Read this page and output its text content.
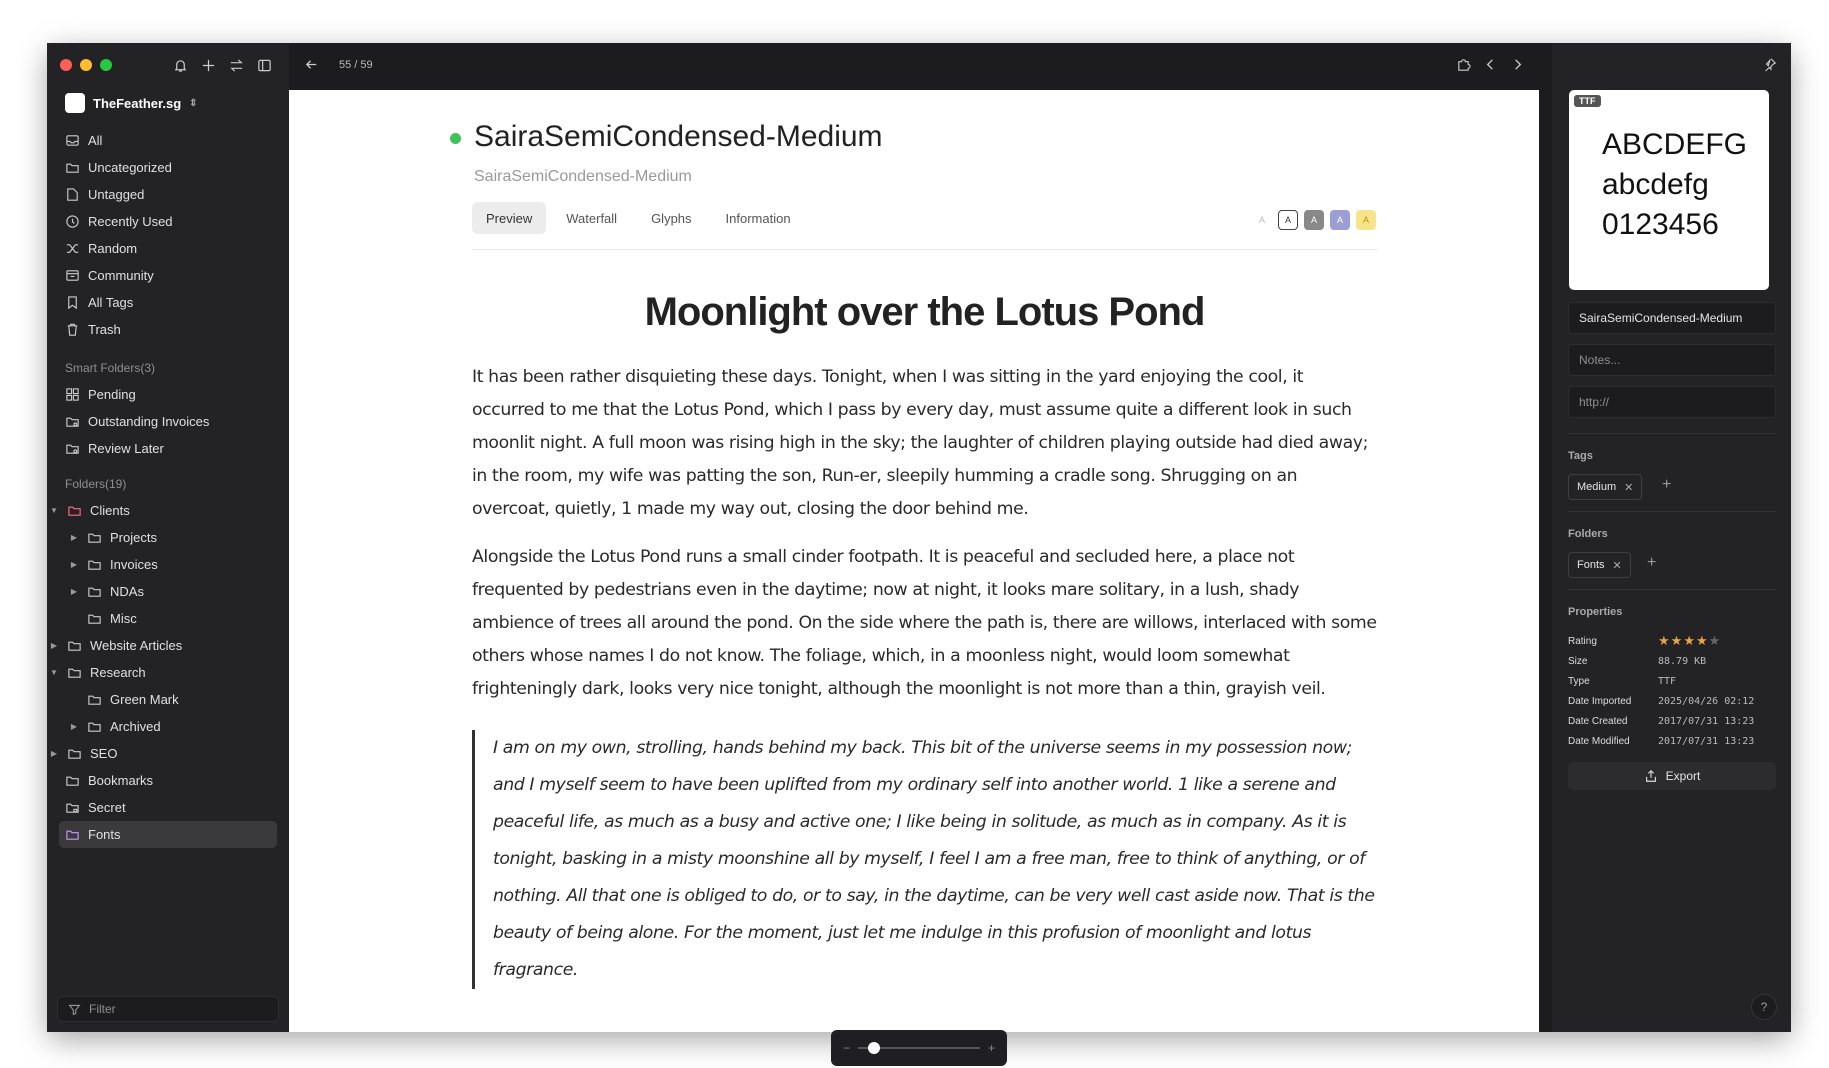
TheFeather.sg ⇕
All
Uncategorized
Untagged
Recently Used
Random
Community
All Tags
Trash
Smart Folders(3)
Pending
Outstanding Invoices
Review Later
Folders(19)
▼ Clients
▶	Projects
▶	Invoices
▶	NDAs
Misc
▶	Website Articles
▼ Research
Green Mark
▶	Archived
▶	SEO
Bookmarks
Secret
Fonts
Filter
55 / 59
SairaSemiCondensed-Medium
SairaSemiCondensed-Medium
Preview	Waterfall	Glyphs	Information	A	A	A	A	A
Moonlight over the Lotus Pond

It has been rather disquieting these days. Tonight, when I was sitting in the yard enjoying the cool, it occurred to me that the Lotus Pond, which I pass by every day, must assume quite a different look in such moonlit night. A full moon was rising high in the sky; the laughter of children playing outside had died away; in the room, my wife was patting the son, Run-er, sleepily humming a cradle song. Shrugging on an overcoat, quietly, 1 made my way out, closing the door behind me.

Alongside the Lotus Pond runs a small cinder footpath. It is peaceful and secluded here, a place not frequented by pedestrians even in the daytime; now at night, it looks mare solitary, in a lush, shady ambience of trees all around the pond. On the side where the path is, there are willows, interlaced with some others whose names I do not know. The foliage, which, in a moonless night, would loom somewhat frighteningly dark, looks very nice tonight, although the moonlight is not more than a thin, grayish veil.

I am on my own, strolling, hands behind my back. This bit of the universe seems in my possession now; and I myself seem to have been uplifted from my ordinary self into another world. 1 like a serene and peaceful life, as much as a busy and active one; I like being in solitude, as much as in company. As it is tonight, basking in a misty moonshine all by myself, I feel I am a free man, free to think of anything, or of nothing. All that one is obliged to do, or to say, in the daytime, can be very well cast aside now. That is the beauty of being alone. For the moment, just let me indulge in this profusion of moonlight and lotus fragrance.
−	+
TTF
ABCDEFG
abcdefg
0123456
SairaSemiCondensed-Medium
Notes...
http://
Tags
Medium ✕ +
Folders
Fonts ✕ +
Properties
Rating	★★★★★
Size	88.79 KB
Type	TTF
Date Imported	2025/04/26 02:12
Date Created	2017/07/31 13:23
Date Modified	2017/07/31 13:23
Export
?
